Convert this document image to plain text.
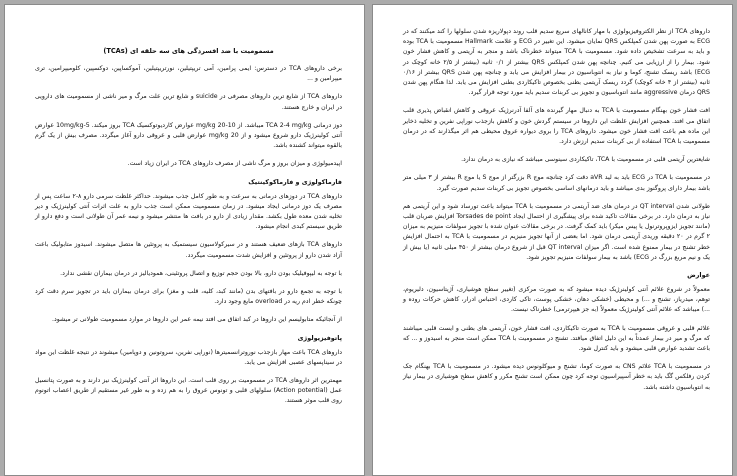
مسمومیت با ضد افسردگی های سه حلقه ای (TCAs)

برخی داروهای TCA در دسترس: ایمی پرامین، آمی تریپتیلین، نورتریپتیلین، آموکساپین، دوکسپین، کلومیپرامین، تری میپرامین و ...

داروهای TCA از شایع ترین داروهای مصرفی در suicide و شایع ترین علت مرگ و میر ناشی از مسمومیت های دارویی در ایران و خارج هستند.

دوز درمانی TCA 2-4 mg/kg میباشد. از 10-20 mg/kg عوارض کاردیوتوکسیک TCA بروز میکند. 5-10mg/kg عوارض آنتی کولینرژیک دارو شروع میشود و از 20 mg/kg عوارض قلبی و عروقی دارو آغاز میگردد. مصرف بیش از یک گرم بالقوه میتواند کشنده باشد.

اپیدمیولوژی و میزان بروز و مرگ ناشی از مصرف داروهای TCA در ایران زیاد است.

فارماکولوژی و فارماکوکینتیک

داروهای TCA در دوزهای درمانی به سرعت و به طور کامل جذب میشوند. حداکثر غلظت سرمی دارو ۸-۲ ساعت پس از مصرف یک دوز درمانی ایجاد میشود. در زمان مسمومیت ممکن است جذب دارو به علت اثرات آنتی کولینرژیک و دیر تخلیه شدن معده طول بکشد. مقدار زیادی از دارو در بافت ها منتشر میشود و نیمه عمر آن طولانی است و دفع دارو از طریق سیستم کبدی انجام میشود.

داروهای TCA بازهای ضعیف هستند و در سیرکولاسیون سیستمیک به پروتئین ها متصل میشوند. اسیدوز متابولیک باعث آزاد شدن دارو از پروتئین و افزایش شدت مسمومیت میگردد.

با توجه به لیپوفیلیک بودن دارو، بالا بودن حجم توزیع و اتصال پروتئینی، همودیالیز در درمان بیماران نقشی ندارد.

با توجه به تجمع دارو در بافتهای بدن (مانند کبد، کلیه، قلب و مغز) برای درمان بیماران باید در تجویز سرم دقت کرد چونکه خطر ادم ریه در overload مایع وجود دارد.

از آنجائیکه متابولیسم این داروها در کبد اتفاق می افتد نیمه عمر این داروها در موارد مسمومیت طولانی تر میشود.

پاتوفیزیولوژی

داروهای TCA باعث مهار بازجذب نوروترانسمیترها (نوراپی نفرین، سروتونین و دوپامین) میشوند در نتیجه غلظت این مواد در سیناپسهای عصبی افزایش می یابد.

مهمترین اثر داروهای TCA در مسمومیت بر روی قلب است. این داروها اثر آنتی کولینرژیک نیز دارند و به صورت پتانسیل عمل (Action potential) سلولهای قلبی و تونوس عروق را به هم زده و به طور غیر مستقیم از طریق اعصاب اتونوم روی قلب موثر هستند.

داروهای TCA از نظر الکتروفیزیولوژی با مهار کانالهای سریع سدیم قلب روند دپولاریزه شدن سلولها را کند میکنند که در ECG به صورت پهن شدن کمپلکس QRS نمایان میشود. این تغییر در ECG و علامت Hallmark مسمومیت با TCA بوده و باید به سرعت تشخیص داده شود. مسمومیت با TCA میتواند خطرناک باشد و منجر به آریتمی و کاهش فشار خون شود. بیمار را از ارزیابی می کنیم. چنانچه پهن شدن کمپلکس QRS بیشتر از ۰/۱ ثانیه (بیشتر از ۲/۵ خانه کوچک در ECG) باشد ریسک تشنج، کوما و نیاز به انتوباسیون در بیمار افزایش می یابد و چنانچه پهن شدن QRS بیشتر از ۰/۱۶ ثانیه (بیشتر از ۴ خانه کوچک) گردد ریسک آریتمی بطنی بخصوص تاکیکاردی بطنی افزایش می یابد. لذا هنگام پهن شدن QRS درمان aggressive مانند انتوباسیون و تجویز بی کربنات سدیم باید مورد توجه قرار گیرد.

افت فشار خون بهنگام مسمومیت با TCA به دنبال مهار گیرنده های آلفا آدرنرژیک عروقی و کاهش انقباض پذیری قلب اتفاق می افتد. همچنین افزایش غلظت این داروها در سیستم گردش خون و کاهش بازجذب نوراپی نفرین و تخلیه ذخایر این ماده هم باعث افت فشار خون میشود. داروهای TCA را بروی دیواره عروق محیطی هم اثر میگذارند که در درمان مسمومیت با TCA استفاده از بی کربنات سدیم ارزش دارد.

شایعترین آریتمی قلبی در مسمومیت با TCA، تاکیکاردی سینوسی میباشد که نیازی به درمان ندارد.

در مسمومیت با TCA در ECG باید به لید aVR دقت کرد چنانچه موج R بزرگتر از موج S یا موج R بیشتر از ۳ میلی متر باشد بیمار دارای پروگنوز بدی میباشد و باید درمانهای اساسی بخصوص تجویز بی کربنات سدیم صورت گیرد.

طولانی شدن QT interval در درمان های ضد آریتمی در مسمومیت با TCA میتواند باعث تورساد شود و این آریتمی هم نیاز به درمان دارد. در برخی مقالات تاکید شده برای پیشگیری از احتمال ایجاد Torsades de point افزایش ضربان قلب (مانند تجویز ایزوپروترنول یا پیس میکر) باید کمک گرفت. در برخی مقالات عنوان شده با تجویز سولفات منیزیم به میزان ۲ گرم در ۲۰ دقیقه وریدی آریتمی درمان شود. اما بعضی از آنها تجویز منیزیم در مسمومیت با TCA به احتمال افزایش خطر تشنج در بیمار ممنوع شده است. اگر میزان QT interval قبل از شروع درمان بیشتر از ۴۵۰ میلی ثانیه (یا بیش از یک و نیم مربع بزرگ در ECG) باشد به بیمار سولفات منیزیم تجویز شود.

عوارض

معمولاً در شروع علائم آنتی کولینرژیک دیده میشود که به صورت مرکزی (تغییر سطح هوشیاری، آژیتاسیون، دلیریوم، توهم، میدریاز، تشنج و ...) و محیطی (خشکی دهان، خشکی پوست، تاکی کاردی، احتباس ادرار، کاهش حرکات روده و ...) میباشد که علائم آنتی کولینرژیک معمولاً (به جز هیپرترمی) خطرناک نیست.

علائم قلبی و عروقی مسمومیت با TCA به صورت تاکیکاردی، افت فشار خون، آریتمی های بطنی و ایست قلبی میباشند که مرگ و میر در بیمار عمدتاً به این دلیل اتفاق میافتد. تشنج در مسمومیت با TCA ممکن است منجر به اسیدوز و ... که باعث تشدید عوارض قلبی میشود و باید کنترل شود.

در مسمومیت با TCA علائم CNS به صورت کوما، تشنج و میوکلونوس دیده میشود. در مسمومیت با TCA بهنگام جک کردن رفلکس گگ باید به خطر آسپیراسیون توجه کرد چون ممکن است تشنج مکرر و کاهش سطح هوشیاری در بیمار نیاز به انتوباسیون داشته باشد.
